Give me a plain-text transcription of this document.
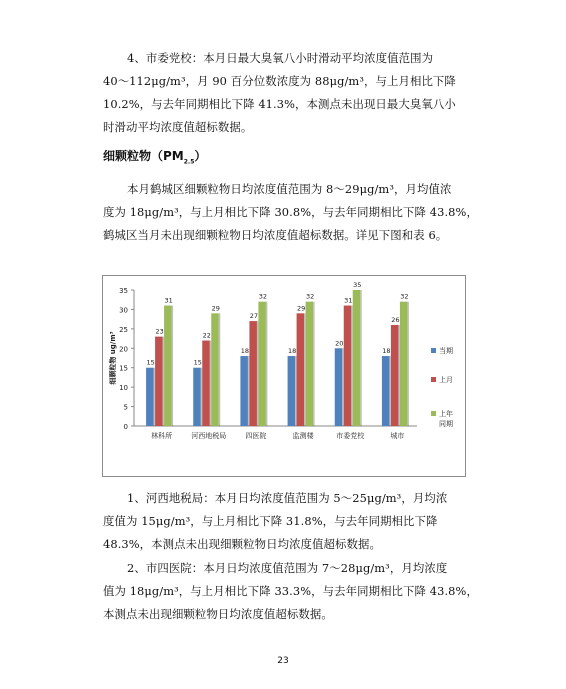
4、市委党校：本月日最大臭氧八小时滑动平均浓度值范围为
40～112μg/m³，月 90 百分位数浓度为 88μg/m³，与上月相比下降
10.2%，与去年同期相比下降 41.3%，本测点未出现日最大臭氧八小
时滑动平均浓度值超标数据。

细颗粒物$(PM_{2.5})$

本月鹤城区细颗粒物日均浓度值范围为 8～29μg/m³，月均值浓
度为 18μg/m³，与上月相比下降 30.8%，与去年同期相比下降 43.8%，
鹤城区当月未出现细颗粒物日均浓度值超标数据。详见下图和表 6。

0
5
10
15
20
25
30
35
细颗粒物 ug/m³	15
23
31
林科所
15
22
29
河西地税局
18
27
32
四医院
18
29
32
监测楼
20
31
35
市委党校
18
26
32
城市
当期
上月
上年
同期

1、河西地税局：本月日均浓度值范围为 5～25μg/m³，月均浓
度值为 15μg/m³，与上月相比下降 31.8%，与去年同期相比下降
48.3%，本测点未出现细颗粒物日均浓度值超标数据。

2、市四医院：本月日均浓度值范围为 7～28μg/m³，月均浓度
值为 18μg/m³，与上月相比下降 33.3%，与去年同期相比下降 43.8%，
本测点未出现细颗粒物日均浓度值超标数据。

23
